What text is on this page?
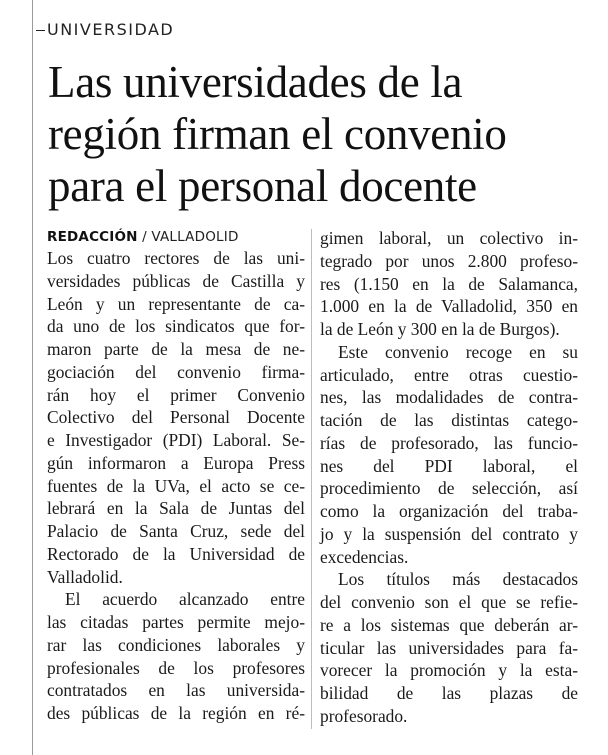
UNIVERSIDAD
Las universidades de la
región firman el convenio
para el personal docente
REDACCIÓN / VALLADOLID
Los cuatro rectores de las uni-
versidades públicas de Castilla y
León y un representante de ca-
da uno de los sindicatos que for-
maron parte de la mesa de ne-
gociación del convenio firma-
rán hoy el primer Convenio
Colectivo del Personal Docente
e Investigador (PDI) Laboral. Se-
gún informaron a Europa Press
fuentes de la UVa, el acto se ce-
lebrará en la Sala de Juntas del
Palacio de Santa Cruz, sede del
Rectorado de la Universidad de
Valladolid.
El acuerdo alcanzado entre
las citadas partes permite mejo-
rar las condiciones laborales y
profesionales de los profesores
contratados en las universida-
des públicas de la región en ré-
gimen laboral, un colectivo in-
tegrado por unos 2.800 profeso-
res (1.150 en la de Salamanca,
1.000 en la de Valladolid, 350 en
la de León y 300 en la de Burgos).
Este convenio recoge en su
articulado, entre otras cuestio-
nes, las modalidades de contra-
tación de las distintas catego-
rías de profesorado, las funcio-
nes del PDI laboral, el
procedimiento de selección, así
como la organización del traba-
jo y la suspensión del contrato y
excedencias.
Los títulos más destacados
del convenio son el que se refie-
re a los sistemas que deberán ar-
ticular las universidades para fa-
vorecer la promoción y la esta-
bilidad de las plazas de
profesorado.
